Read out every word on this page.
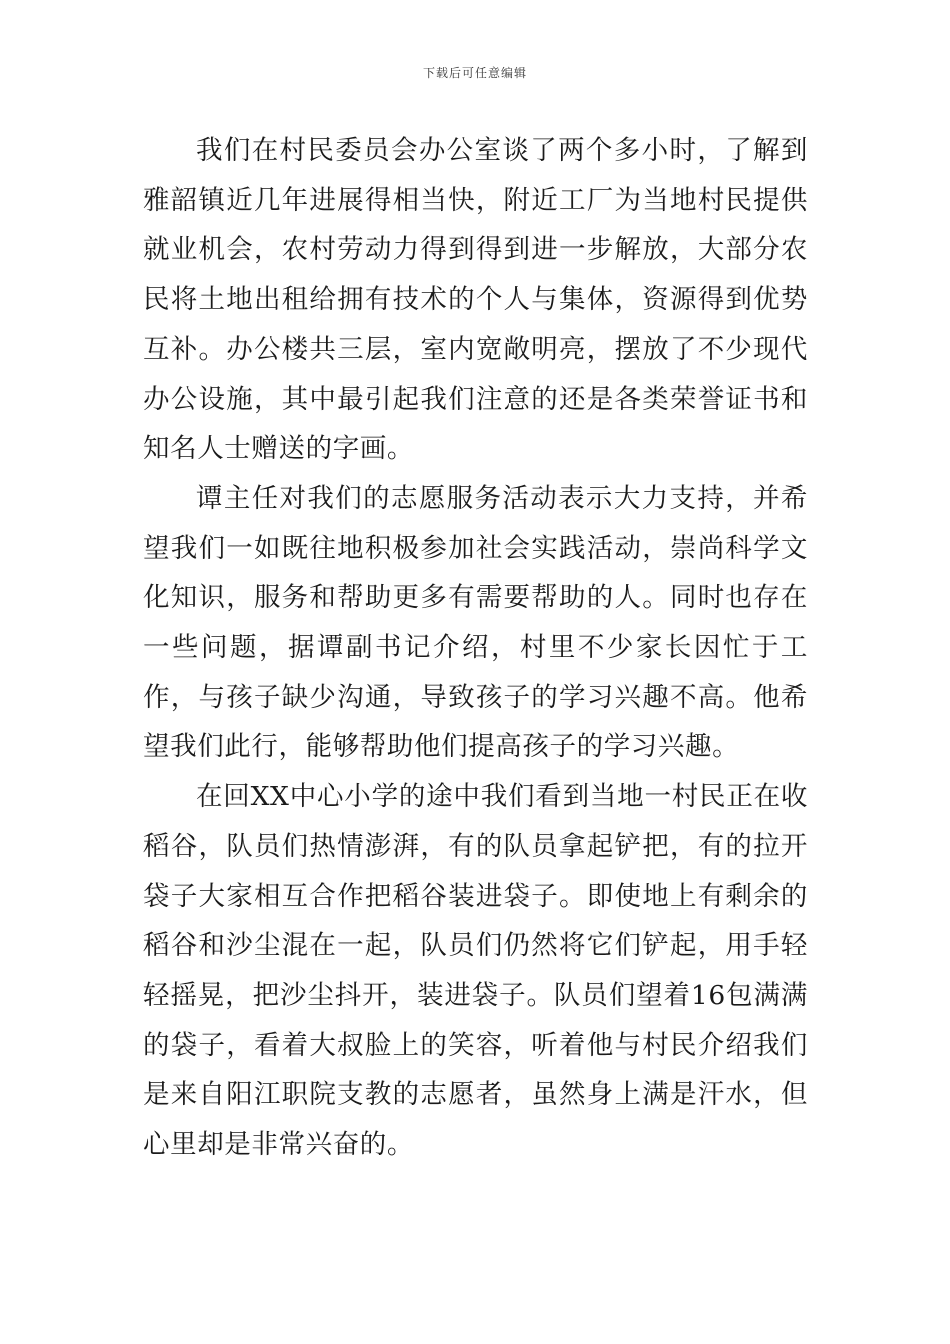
下载后可任意编辑

我们在村民委员会办公室谈了两个多小时，了解到雅韶镇近几年进展得相当快，附近工厂为当地村民提供就业机会，农村劳动力得到得到进一步解放，大部分农民将土地出租给拥有技术的个人与集体，资源得到优势互补。办公楼共三层，室内宽敞明亮，摆放了不少现代办公设施，其中最引起我们注意的还是各类荣誉证书和知名人士赠送的字画。

谭主任对我们的志愿服务活动表示大力支持，并希望我们一如既往地积极参加社会实践活动，崇尚科学文化知识，服务和帮助更多有需要帮助的人。同时也存在一些问题，据谭副书记介绍，村里不少家长因忙于工作，与孩子缺少沟通，导致孩子的学习兴趣不高。他希望我们此行，能够帮助他们提高孩子的学习兴趣。

在回XX中心小学的途中我们看到当地一村民正在收稻谷，队员们热情澎湃，有的队员拿起铲把，有的拉开袋子大家相互合作把稻谷装进袋子。即使地上有剩余的稻谷和沙尘混在一起，队员们仍然将它们铲起，用手轻轻摇晃，把沙尘抖开，装进袋子。队员们望着16包满满的袋子，看着大叔脸上的笑容，听着他与村民介绍我们是来自阳江职院支教的志愿者，虽然身上满是汗水，但心里却是非常兴奋的。
